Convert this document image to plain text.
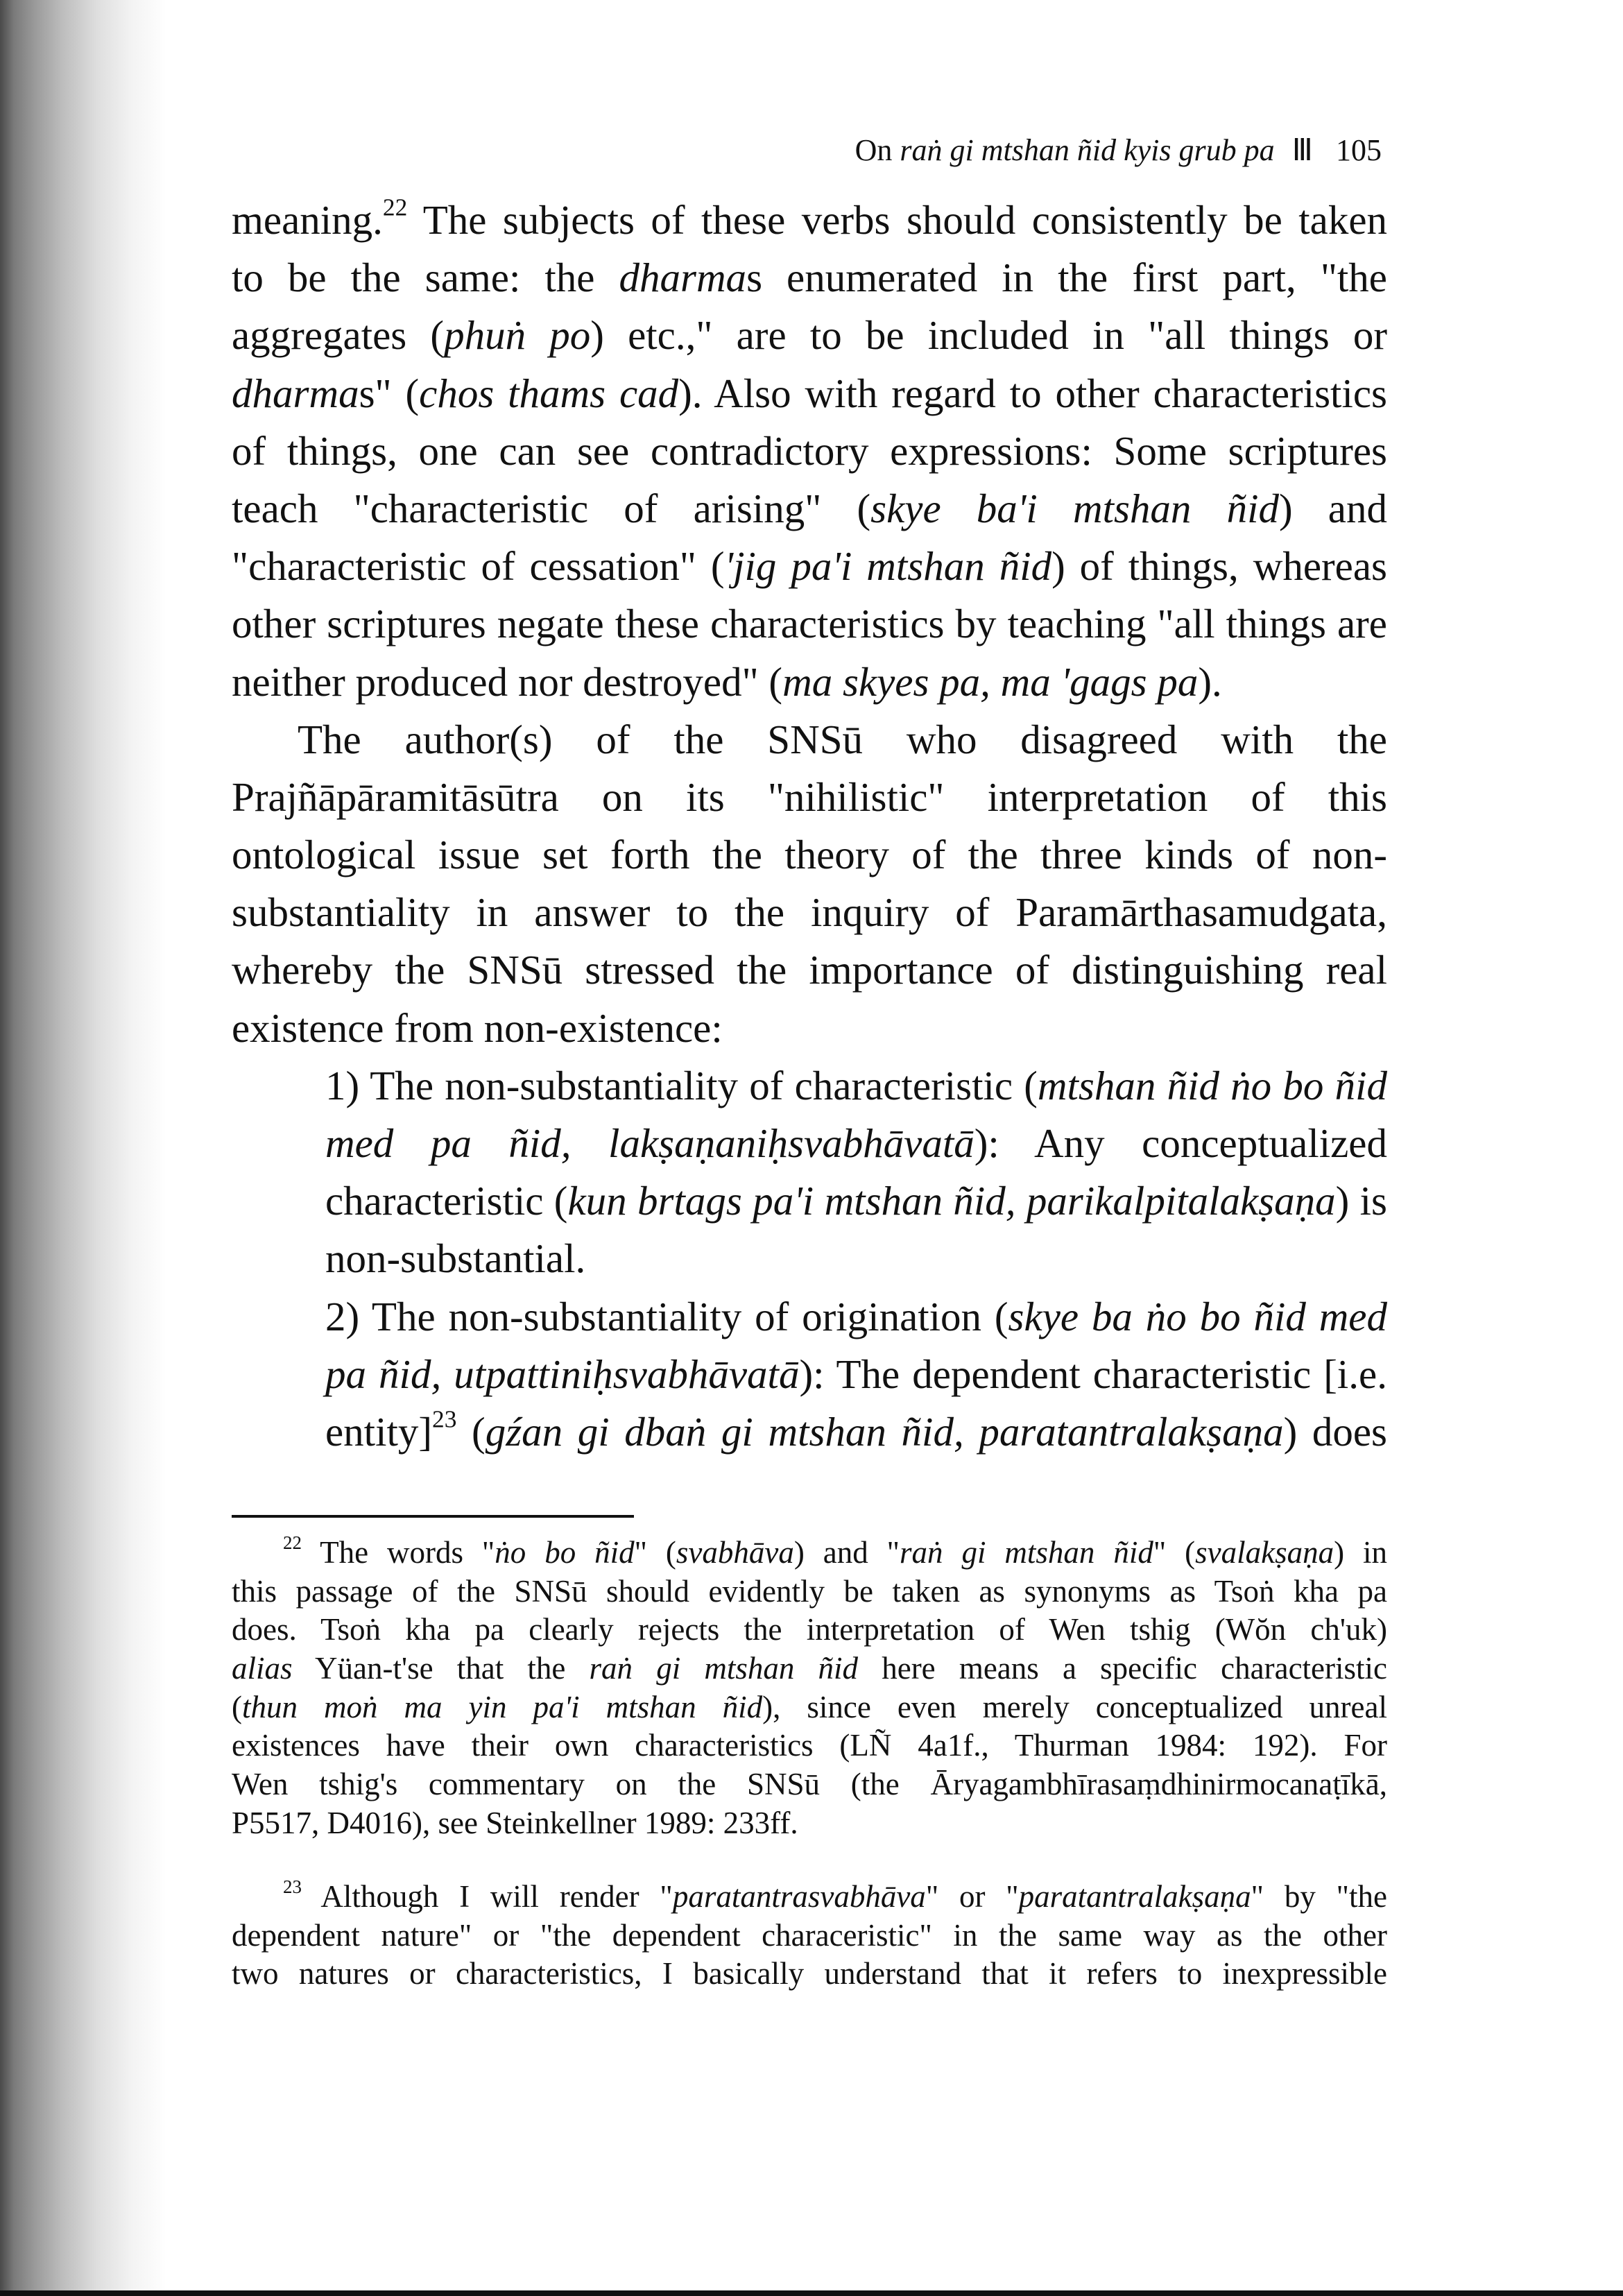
On raṅ gi mtshan ñid kyis grub pa Ⅲ 105
meaning.$^{22}$ The subjects of these verbs should consistently be taken
to be the same: the dharmas enumerated in the first part, "the
aggregates (phuṅ po) etc.," are to be included in "all things or
dharmas" (chos thams cad). Also with regard to other characteristics
of things, one can see contradictory expressions: Some scriptures
teach "characteristic of arising" (skye ba'i mtshan ñid) and
"characteristic of cessation" ('jig pa'i mtshan ñid) of things, whereas
other scriptures negate these characteristics by teaching "all things are
neither produced nor destroyed" (ma skyes pa, ma 'gags pa).
The author(s) of the SNSū who disagreed with the
Prajñāpāramitāsūtra on its "nihilistic" interpretation of this
ontological issue set forth the theory of the three kinds of non-
substantiality in answer to the inquiry of Paramārthasamudgata,
whereby the SNSū stressed the importance of distinguishing real
existence from non-existence:
1) The non-substantiality of characteristic (mtshan ñid ṅo bo ñid
med pa ñid, lakṣaṇaniḥsvabhāvatā): Any conceptualized
characteristic (kun brtags pa'i mtshan ñid, parikalpitalakṣaṇa) is
non-substantial.
2) The non-substantiality of origination (skye ba ṅo bo ñid med
pa ñid, utpattiniḥsvabhāvatā): The dependent characteristic [i.e.
entity]$^{23}$ (gźan gi dbaṅ gi mtshan ñid, paratantralakṣaṇa) does
$^{22}$ The words "ṅo bo ñid" (svabhāva) and "raṅ gi mtshan ñid" (svalakṣaṇa) in
this passage of the SNSū should evidently be taken as synonyms as Tsoṅ kha pa
does. Tsoṅ kha pa clearly rejects the interpretation of Wen tshig (Wŏn ch'uk)
alias Yüan-t'se that the raṅ gi mtshan ñid here means a specific characteristic
(thun moṅ ma yin pa'i mtshan ñid), since even merely conceptualized unreal
existences have their own characteristics (LÑ 4a1f., Thurman 1984: 192). For
Wen tshig's commentary on the SNSū (the Āryagambhīrasaṃdhinirmocanaṭīkā,
P5517, D4016), see Steinkellner 1989: 233ff.
$^{23}$ Although I will render "paratantrasvabhāva" or "paratantralakṣaṇa" by "the
dependent nature" or "the dependent characeristic" in the same way as the other
two natures or characteristics, I basically understand that it refers to inexpressible
